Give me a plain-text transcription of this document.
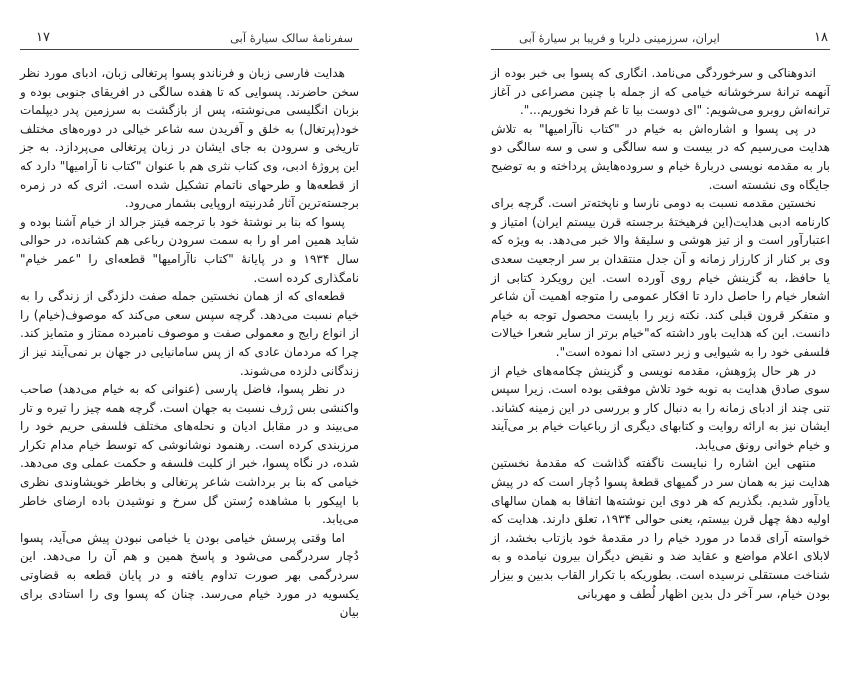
۱۷	سفرنامهٔ سالک سیارهٔ آبی

هدایت فارسی زبان و فرناندو پسوا پرتغالی زبان، ادبای مورد نظر سخن حاضرند. پسوایی که تا هفده سالگی در افریقای جنوبی بوده و بزبان انگلیسی می‌نوشته، پس از بازگشت به سرزمین پدر دیپلمات خود(پرتغال) به خلق و آفریدن سه شاعر خیالی در دوره‌های مختلف تاریخی و سرودن به جای ایشان در زبان پرتغالی می‌پردازد. به جز این پروژهٔ ادبی، وی کتاب نثری هم با عنوان "کتاب نا آرامیها" دارد که از قطعه‌ها و طرحهای ناتمام تشکیل شده است. اثری که در زمره برجسته‌ترین آثار مُدرنیته اروپایی بشمار می‌رود.

پسوا که بنا بر نوشتهٔ خود با ترجمه فیتز جرالد از خیام آشنا بوده و شاید همین امر او را به سمت سرودن رباعی هم کشانده، در حوالی سال ۱۹۳۴ و در پایانهٔ "کتاب ناآرامیها" قطعه‌ای را "عمر خیام" نامگذاری کرده است.

قطعه‌ای که از همان نخستین جمله صفت دلزدگی از زندگی را به خیام نسبت می‌دهد. گرچه سپس سعی می‌کند که موصوف(خیام) را از انواع رایج و معمولی صفت و موصوف نامبرده ممتاز و متمایز کند. چرا که مردمان عادی که از پس سامانیایی در جهان بر نمی‌آیند نیز از زندگانی دلزده می‌شوند.

در نظر پسوا، فاضل پارسی (عنوانی که به خیام می‌دهد) صاحب واکنشی بس ژرف نسبت به جهان است. گرچه همه چیز را تیره و تار می‌بیند و در مقابل ادیان و نحله‌های مختلف فلسفی حریم خود را مرزبندی کرده است. رهنمود نوشانوشی که توسط خیام مدام تکرار شده، در نگاه پسوا، خبر از کلیت فلسفه و حکمت عملی وی می‌دهد. خیامی که بنا بر برداشت شاعر پرتغالی و بخاطر خویشاوندی نظری با اپیکور با مشاهده رُستن گل سرخ و نوشیدن باده ارضای خاطر می‌یابد.

اما وقتی پرسش خیامی بودن یا خیامی نبودن پیش می‌آید، پسوا دُچار سردرگمی می‌شود و پاسخ همین و هم آن را می‌دهد. این سردرگمی بهر صورت تداوم یافته و در پایان قطعه به قضاوتی یکسویه در مورد خیام می‌رسد. چنان که پسوا وی را استادی برای بیان

ایران، سرزمینی دلربا و فریبا بر سیارهٔ آبی	۱۸

اندوهناکی و سرخوردگی می‌نامد. انگاری که پسوا بی خبر بوده از آنهمه ترانهٔ سرخوشانه خیامی که از جمله با چنین مصراعی در آغاز ترانه‌اش روبرو می‌شویم: "ای دوست بیا تا غم فردا نخوریم...".

در پی پسوا و اشاره‌اش به خیام در "کتاب ناآرامیها" به تلاش هدایت می‌رسیم که در بیست و سه سالگی و سی و سه سالگی دو بار به مقدمه نویسی دربارهٔ خیام و سروده‌هایش پرداخته و به توضیح جایگاه وی نشسته است.

نخستین مقدمه نسبت به دومی نارسا و ناپخته‌تر است. گرچه برای کارنامه ادبی هدایت(این فرهیختهٔ برجسته قرن بیستم ایران) امتیاز و اعتبارآور است و از تیز هوشی و سلیقهٔ والا خبر می‌دهد. به ویژه که وی بر کنار از کارزار زمانه و آن جدل منتقدان بر سر ارجعیت سعدی یا حافظ، به گزینش خیام روی آورده است. این رویکرد کتابی از اشعار خیام را حاصل دارد تا افکار عمومی را متوجه اهمیت آن شاعر و متفکر قرون قبلی کند. نکته زیر را بایست محصول توجه به خیام دانست. این که هدایت باور داشته که"خیام برتر از سایر شعرا خیالات فلسفی خود را به شیوایی و زبر دستی ادا نموده است".

در هر حال پژوهش، مقدمه نویسی و گزینش چکامه‌های خیام از سوی صادق هدایت به نوبه خود تلاش موفقی بوده است. زیرا سپس تنی چند از ادبای زمانه را به دنبال کار و بررسی در این زمینه کشاند. ایشان نیز به ارائه روایت و کتابهای دیگری از رباعیات خیام بر می‌آیند و خیام خوانی رونق می‌یابد.

منتهی این اشاره را نبایست ناگفته گذاشت که مقدمهٔ نخستین هدایت نیز به همان سر در گمیهای قطعهٔ پسوا دُچار است که در پیش یادآور شدیم. بگذریم که هر دوی این نوشته‌ها اتفاقا به همان سالهای اولیه دههٔ چهل قرن بیستم، یعنی حوالی ۱۹۳۴، تعلق دارند. هدایت که خواسته آرای قدما در مورد خیام را در مقدمهٔ خود بازتاب بخشد، از لابلای اعلام مواضع و عقاید ضد و نقیض دیگران بیرون نیامده و به شناخت مستقلی نرسیده است. بطوریکه با تکرار القاب بدبین و بیزار بودن خیام، سر آخر دل بدین اظهار لُطف و مهربانی
